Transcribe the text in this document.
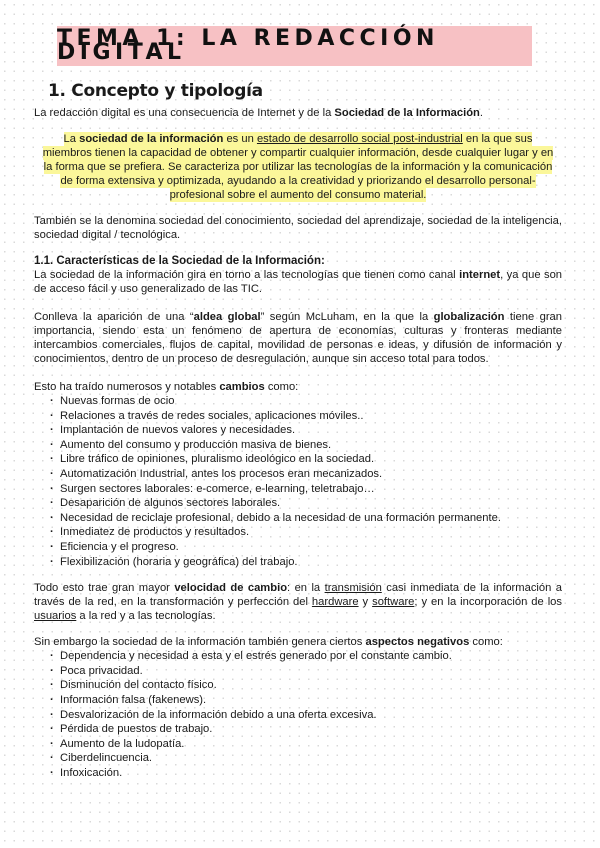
TEMA 1: LA REDACCIÓN DIGITAL
1. Concepto y tipología

La redacción digital es una consecuencia de Internet y de la Sociedad de la Información.

La sociedad de la información es un estado de desarrollo social post-industrial en la que sus miembros tienen la capacidad de obtener y compartir cualquier información, desde cualquier lugar y en la forma que se prefiera. Se caracteriza por utilizar las tecnologías de la información y la comunicación de forma extensiva y optimizada, ayudando a la creatividad y priorizando el desarrollo personal-profesional sobre el aumento del consumo material.

También se la denomina sociedad del conocimiento, sociedad del aprendizaje, sociedad de la inteligencia, sociedad digital / tecnológica.

1.1. Características de la Sociedad de la Información:

La sociedad de la información gira en torno a las tecnologías que tienen como canal internet, ya que son de acceso fácil y uso generalizado de las TIC.

Conlleva la aparición de una “aldea global” según McLuham, en la que la globalización tiene gran importancia, siendo esta un fenómeno de apertura de economías, culturas y fronteras mediante intercambios comerciales, flujos de capital, movilidad de personas e ideas, y difusión de información y conocimientos, dentro de un proceso de desregulación, aunque sin acceso total para todos.

Esto ha traído numerosos y notables cambios como:

· Nuevas formas de ocio
· Relaciones a través de redes sociales, aplicaciones móviles..
· Implantación de nuevos valores y necesidades.
· Aumento del consumo y producción masiva de bienes.
· Libre tráfico de opiniones, pluralismo ideológico en la sociedad.
· Automatización Industrial, antes los procesos eran mecanizados.
· Surgen sectores laborales: e-comerce, e-learning, teletrabajo…
· Desaparición de algunos sectores laborales.
· Necesidad de reciclaje profesional, debido a la necesidad de una formación permanente.
· Inmediatez de productos y resultados.
· Eficiencia y el progreso.
· Flexibilización (horaria y geográfica) del trabajo.

Todo esto trae gran mayor velocidad de cambio: en la transmisión casi inmediata de la información a través de la red, en la transformación y perfección del hardware y software; y en la incorporación de los usuarios a la red y a las tecnologías.

Sin embargo la sociedad de la información también genera ciertos aspectos negativos como:

· Dependencia y necesidad a esta y el estrés generado por el constante cambio.
· Poca privacidad.
· Disminución del contacto físico.
· Información falsa (fakenews).
· Desvalorización de la información debido a una oferta excesiva.
· Pérdida de puestos de trabajo.
· Aumento de la ludopatía.
· Ciberdelincuencia.
· Infoxicación.
